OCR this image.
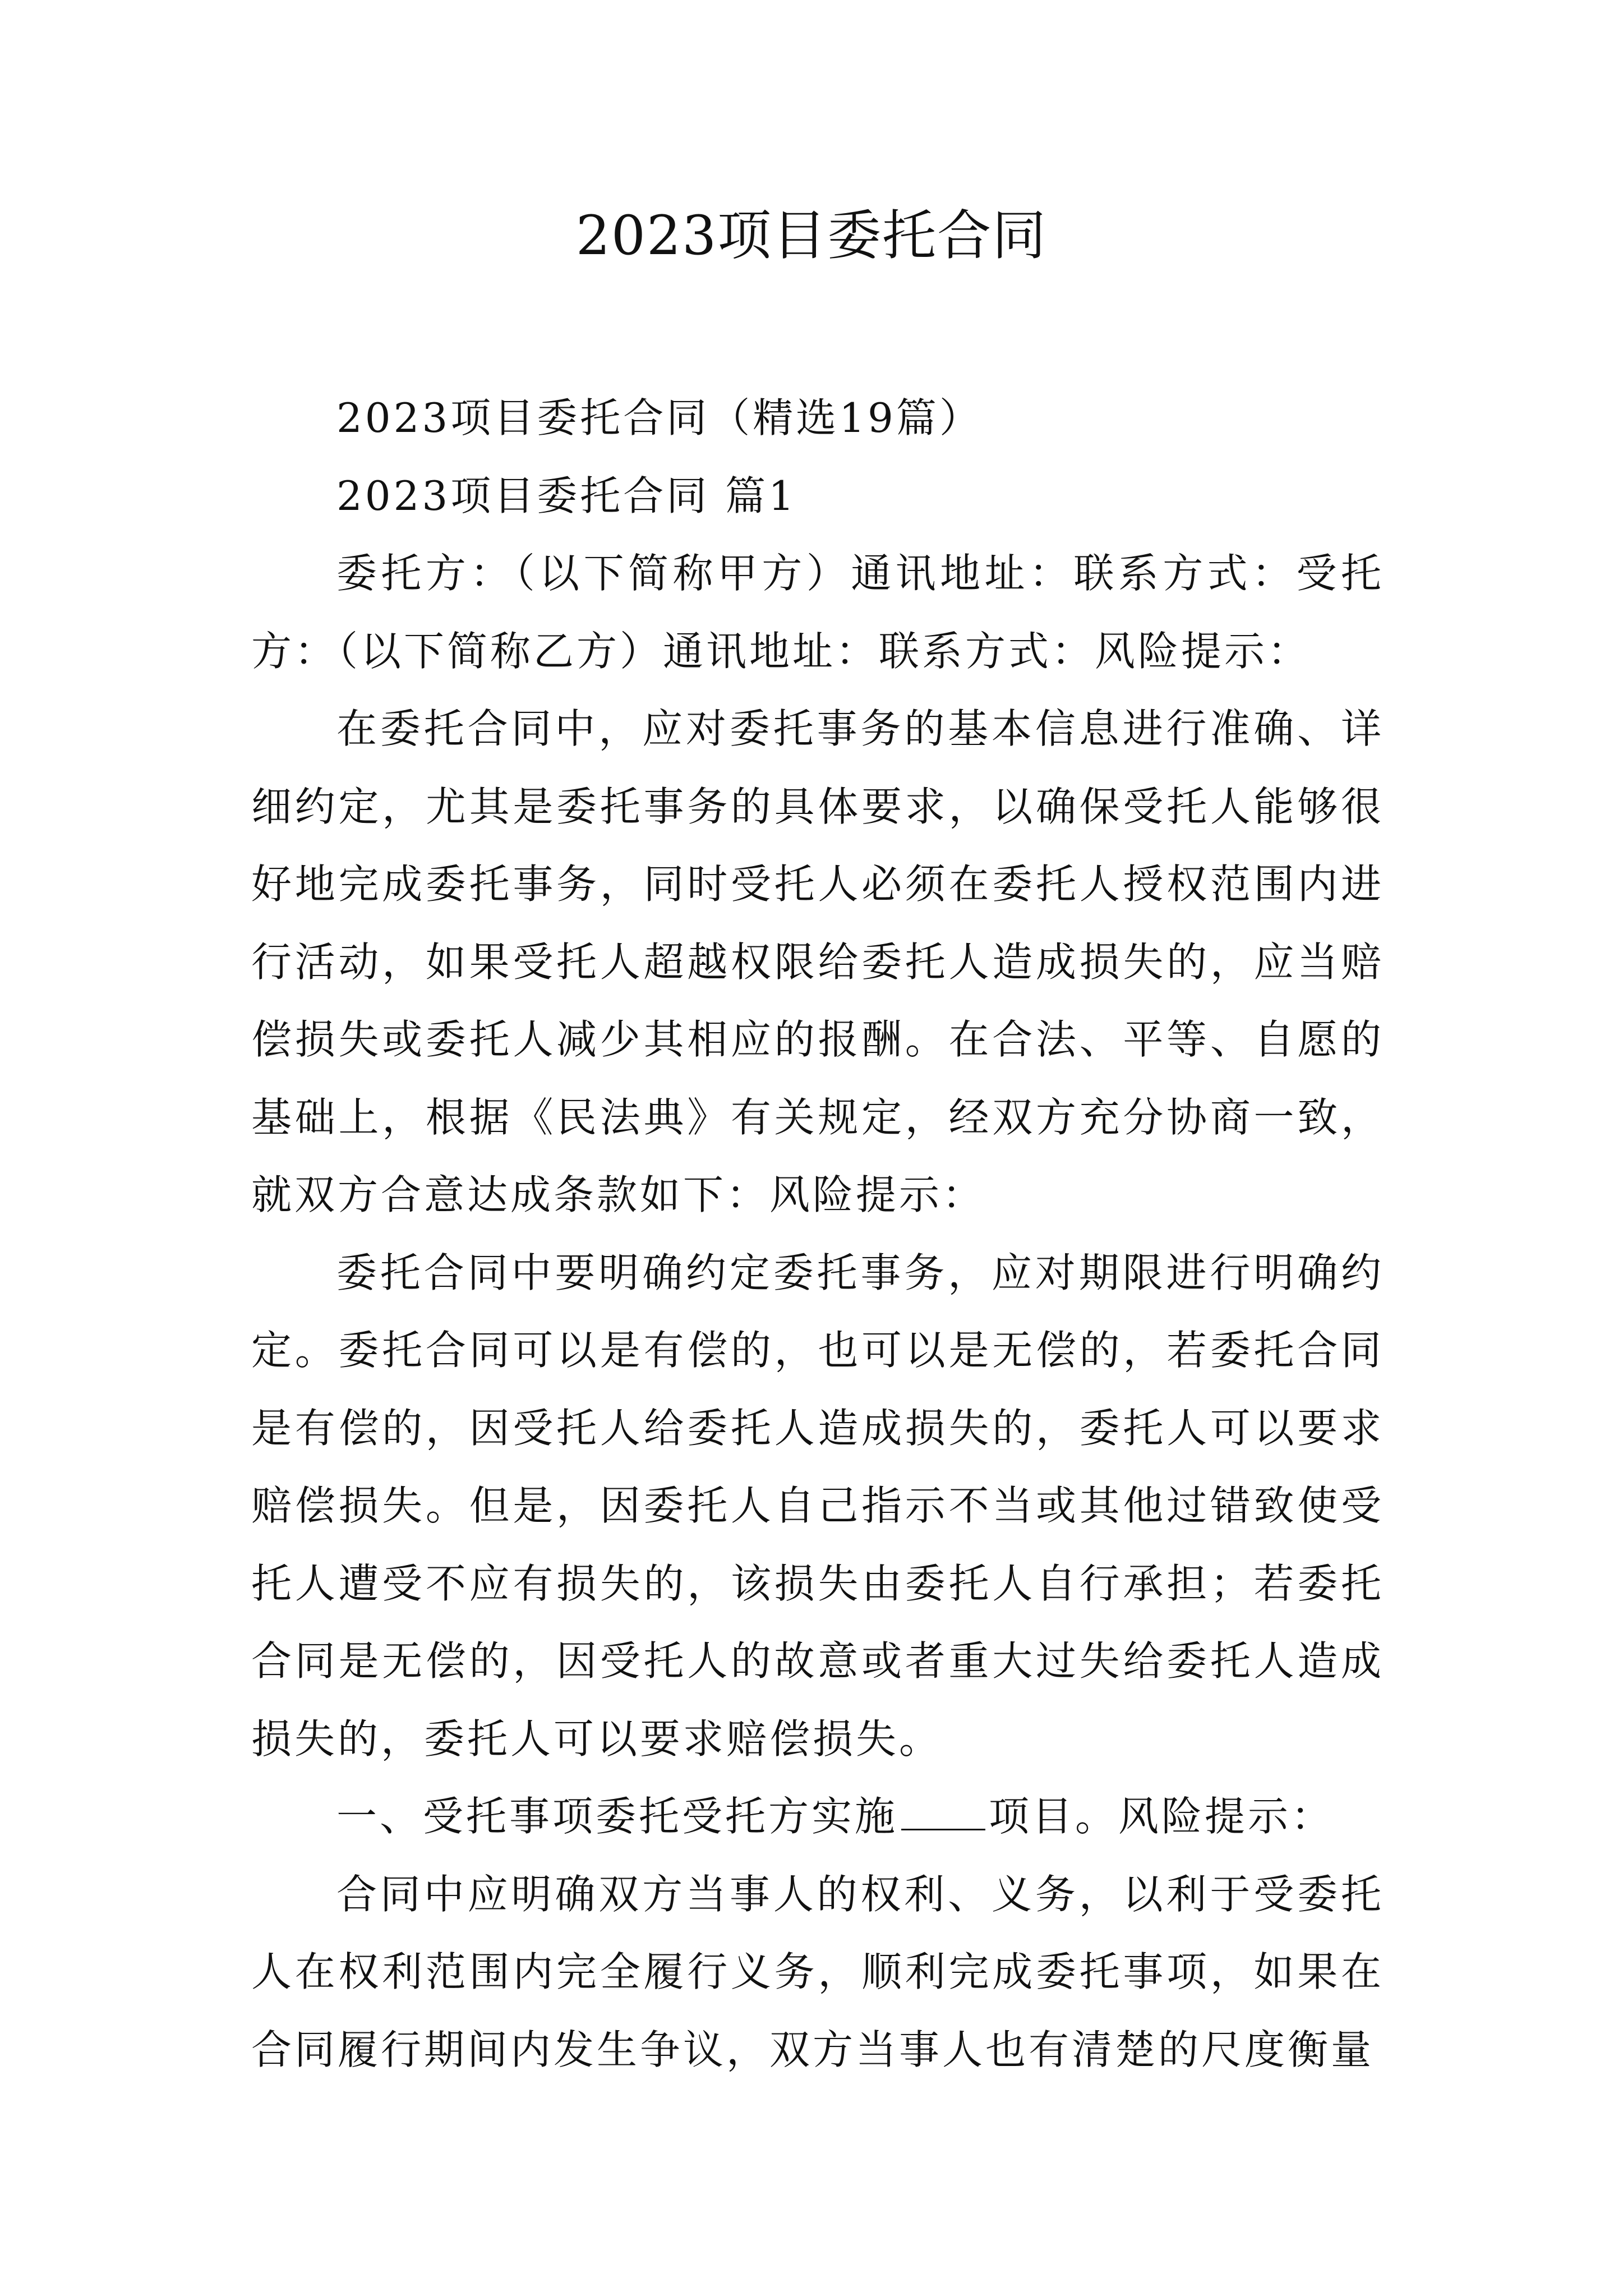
2023项目委托合同

2023项目委托合同（精选19篇）

2023项目委托合同 篇1

委托方：（以下简称甲方）通讯地址：联系方式：受托方：（以下简称乙方）通讯地址：联系方式：风险提示：

在委托合同中，应对委托事务的基本信息进行准确、详细约定，尤其是委托事务的具体要求，以确保受托人能够很好地完成委托事务，同时受托人必须在委托人授权范围内进行活动，如果受托人超越权限给委托人造成损失的，应当赔偿损失或委托人减少其相应的报酬。在合法、平等、自愿的基础上，根据《民法典》有关规定，经双方充分协商一致，就双方合意达成条款如下：风险提示：

委托合同中要明确约定委托事务，应对期限进行明确约定。委托合同可以是有偿的，也可以是无偿的，若委托合同是有偿的，因受托人给委托人造成损失的，委托人可以要求赔偿损失。但是，因委托人自己指示不当或其他过错致使受托人遭受不应有损失的，该损失由委托人自行承担；若委托合同是无偿的，因受托人的故意或者重大过失给委托人造成损失的，委托人可以要求赔偿损失。

一、受托事项委托受托方实施 项目。风险提示：

合同中应明确双方当事人的权利、义务，以利于受委托人在权利范围内完全履行义务，顺利完成委托事项，如果在合同履行期间内发生争议，双方当事人也有清楚的尺度衡量
